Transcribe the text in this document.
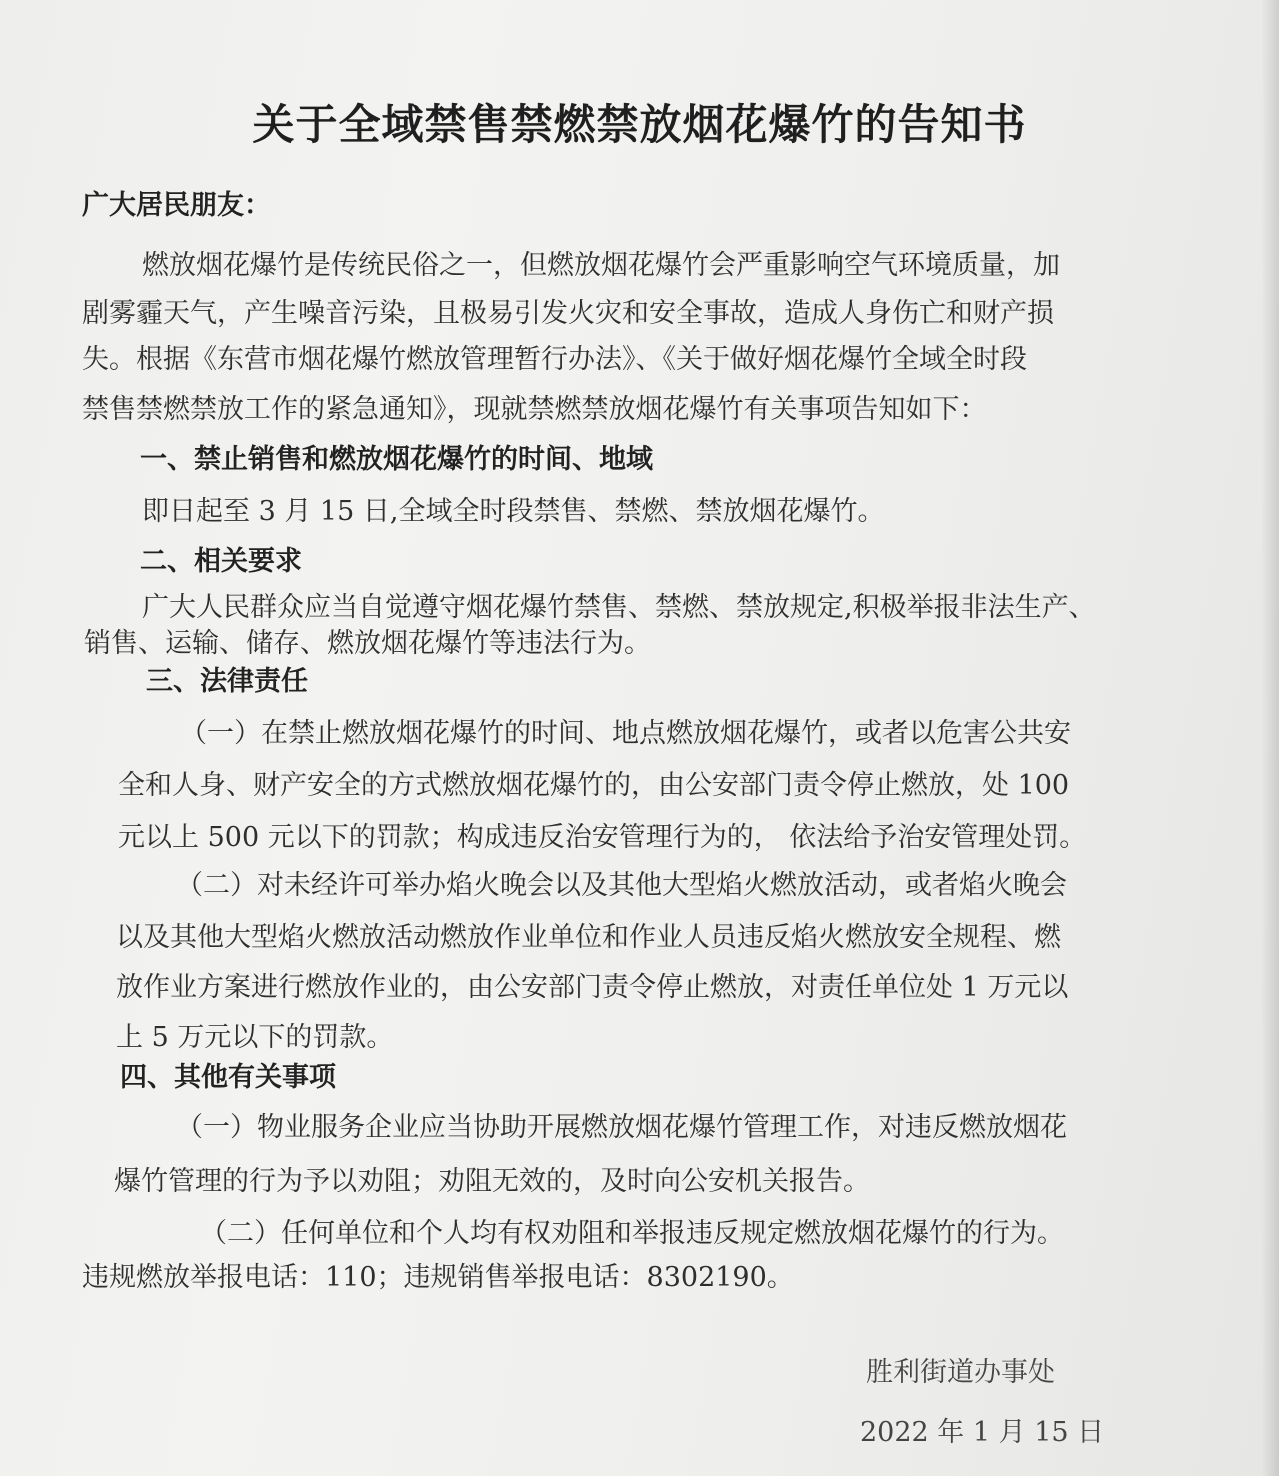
关于全域禁售禁燃禁放烟花爆竹的告知书
广大居民朋友：
燃放烟花爆竹是传统民俗之一，但燃放烟花爆竹会严重影响空气环境质量，加
剧雾霾天气，产生噪音污染，且极易引发火灾和安全事故，造成人身伤亡和财产损
失。根据《东营市烟花爆竹燃放管理暂行办法》、《关于做好烟花爆竹全域全时段
禁售禁燃禁放工作的紧急通知》，现就禁燃禁放烟花爆竹有关事项告知如下：
一、禁止销售和燃放烟花爆竹的时间、地域
即日起至 3 月 15 日,全域全时段禁售、禁燃、禁放烟花爆竹。
二、相关要求
广大人民群众应当自觉遵守烟花爆竹禁售、禁燃、禁放规定,积极举报非法生产、
销售、运输、储存、燃放烟花爆竹等违法行为。
三、法律责任
（一）在禁止燃放烟花爆竹的时间、地点燃放烟花爆竹，或者以危害公共安
全和人身、财产安全的方式燃放烟花爆竹的，由公安部门责令停止燃放，处 100
元以上 500 元以下的罚款；构成违反治安管理行为的， 依法给予治安管理处罚。
（二）对未经许可举办焰火晚会以及其他大型焰火燃放活动，或者焰火晚会
以及其他大型焰火燃放活动燃放作业单位和作业人员违反焰火燃放安全规程、燃
放作业方案进行燃放作业的，由公安部门责令停止燃放，对责任单位处 1 万元以
上 5 万元以下的罚款。
四、其他有关事项
（一）物业服务企业应当协助开展燃放烟花爆竹管理工作，对违反燃放烟花
爆竹管理的行为予以劝阻；劝阻无效的，及时向公安机关报告。
（二）任何单位和个人均有权劝阻和举报违反规定燃放烟花爆竹的行为。
违规燃放举报电话：110；违规销售举报电话：8302190。
胜利街道办事处
2022 年 1 月 15 日
